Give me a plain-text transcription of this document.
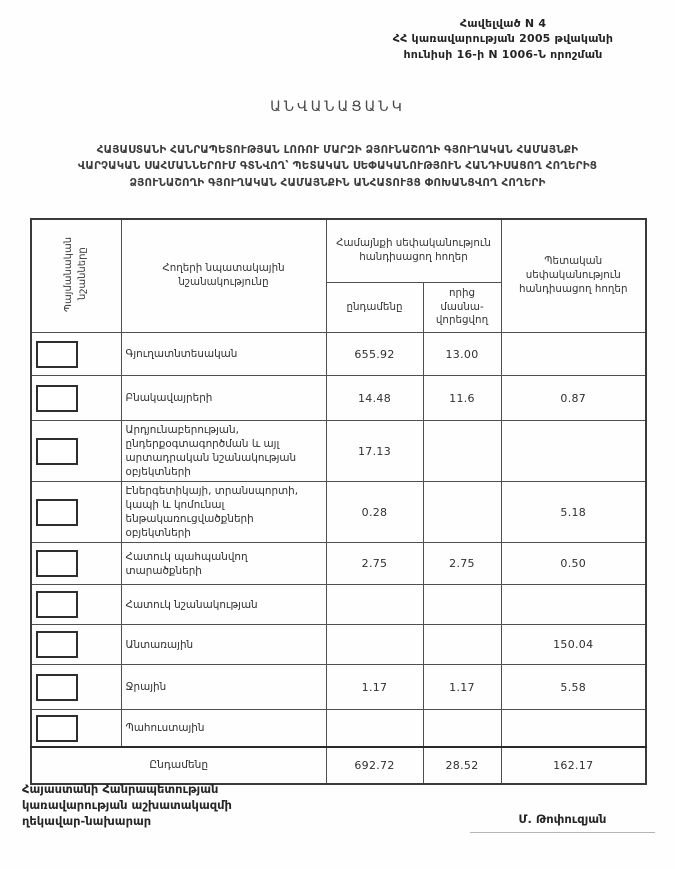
Հավելված N 4
ՀՀ կառավարության 2005 թվականի
հունիսի 16-ի N 1006-Ն որոշման
ԱՆՎԱՆԱՑԱՆԿ
ՀԱՅԱՍՏԱՆԻ ՀԱՆՐԱՊԵՏՈՒԹՅԱՆ ԼՈՌՈՒ ՄԱՐԶԻ ՁՅՈՒՆԱՇՈՂԻ ԳՅՈՒՂԱԿԱՆ ՀԱՄԱՅՆՔԻ
ՎԱՐՉԱԿԱՆ ՍԱՀՄԱՆՆԵՐՈՒՄ ԳՏՆՎՈՂ՝ ՊԵՏԱԿԱՆ ՍԵՓԱԿԱՆՈՒԹՅՈՒՆ ՀԱՆԴԻՍԱՑՈՂ ՀՈՂԵՐԻՑ
ՁՅՈՒՆԱՇՈՂԻ ԳՅՈՒՂԱԿԱՆ ՀԱՄԱՅՆՔԻՆ ԱՆՀԱՏՈՒՅՑ ՓՈԽԱՆՑՎՈՂ ՀՈՂԵՐԻ
Պայմանական նշանները	Հողերի նպատակային նշանակությունը	Համայնքի սեփականություն հանդիսացող հողեր		Պետական սեփականություն հանդիսացող հողեր
		ընդամենը	որից մասնա-վորեցվող	

	Գյուղատնտեսական	655.92	13.00	

	Բնակավայրերի	14.48	11.6	0.87

	Արդյունաբերության, ընդերքօգտագործման և այլ արտադրական նշանակության օբյեկտների	17.13		

	Էներգետիկայի, տրանսպորտի, կապի և կոմունալ ենթակառուցվածքների օբյեկտների	0.28		5.18

	Հատուկ պահպանվող տարածքների	2.75	2.75	0.50

	Հատուկ նշանակության			

	Անտառային			150.04

	Ջրային	1.17	1.17	5.58

	Պահուստային			
Ընդամենը		692.72	28.52	162.17
Հայաստանի Հանրապետության
կառավարության աշխատակազմի
ղեկավար-նախարար	Մ. Թոփուզյան
